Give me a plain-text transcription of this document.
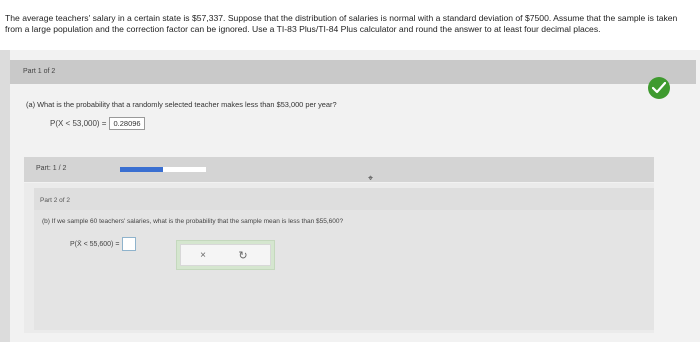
The average teachers' salary in a certain state is $57,337. Suppose that the distribution of salaries is normal with a standard deviation of $7500. Assume that the sample is taken from a large population and the correction factor can be ignored. Use a TI-83 Plus/TI-84 Plus calculator and round the answer to at least four decimal places.
Part 1 of 2
(a) What is the probability that a randomly selected teacher makes less than $53,000 per year?
P(X < 53,000) = 0.28096
Part: 1 / 2
⌖
Part 2 of 2
(b) If we sample 60 teachers' salaries, what is the probability that the sample mean is less than $55,600?
P(X̄ < 55,600) =
×	↻
